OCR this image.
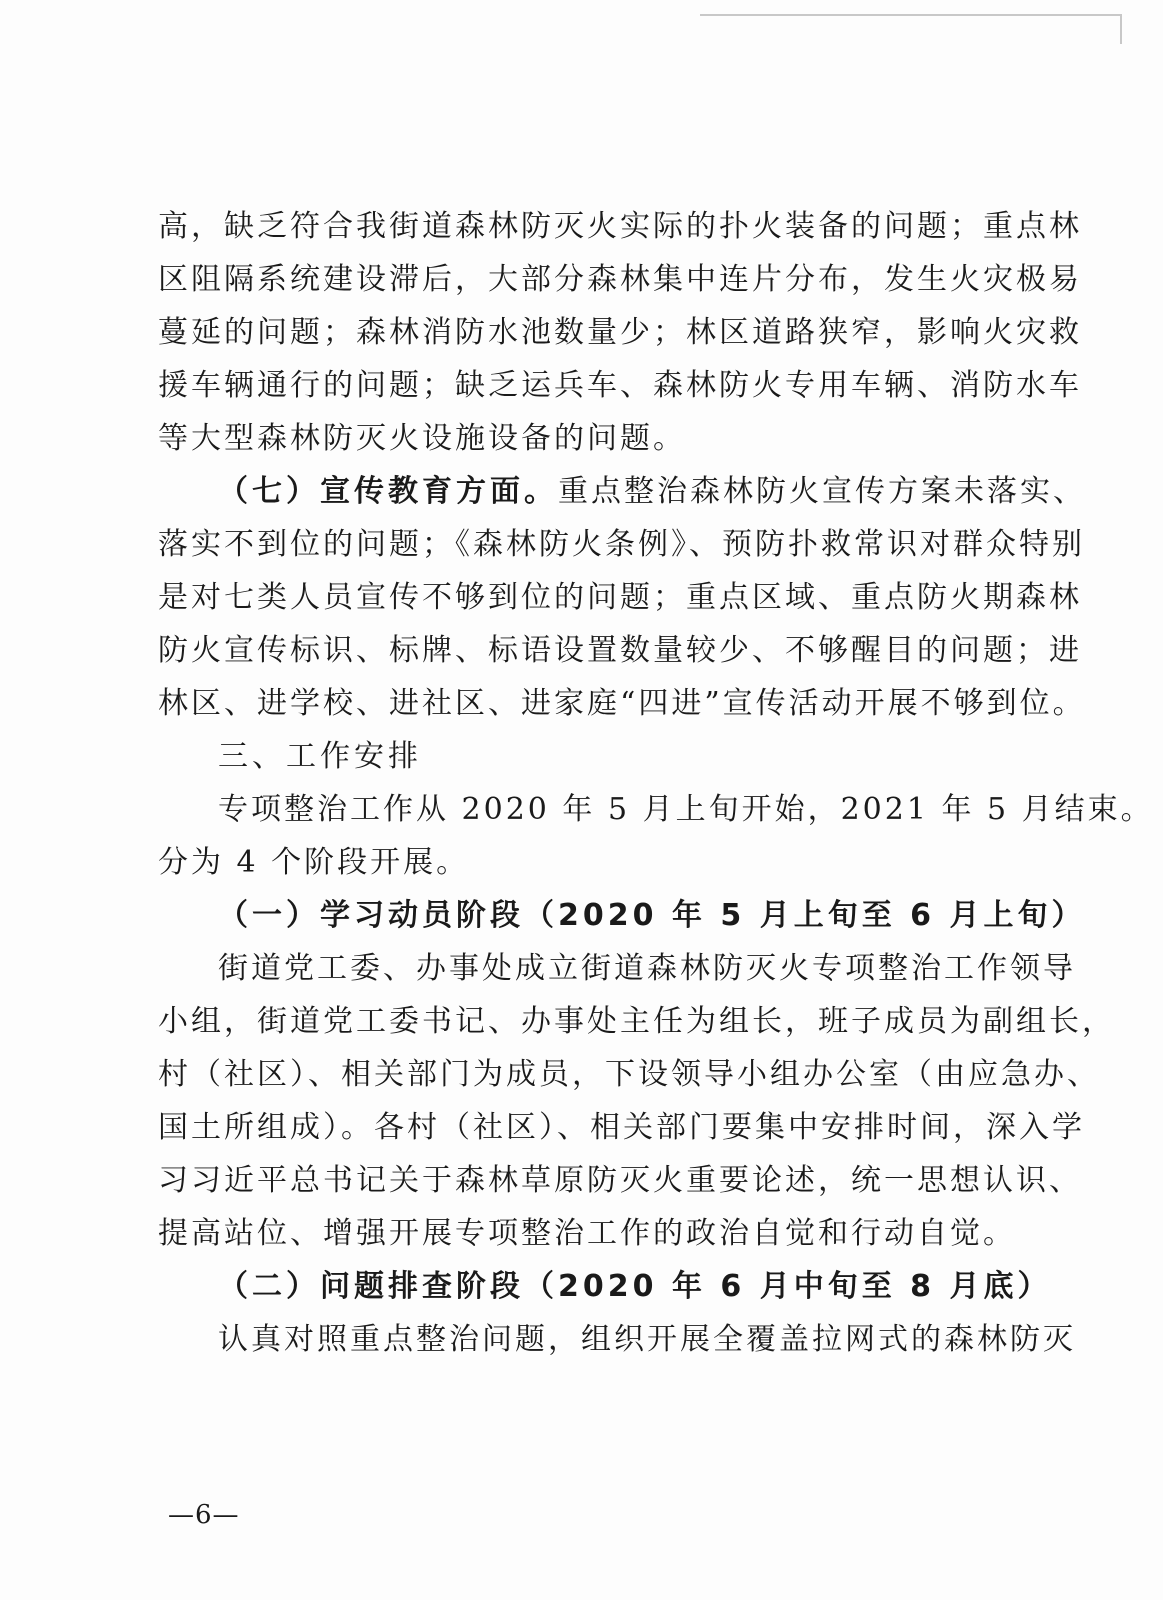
高，缺乏符合我街道森林防灭火实际的扑火装备的问题；重点林
区阻隔系统建设滞后，大部分森林集中连片分布，发生火灾极易
蔓延的问题；森林消防水池数量少；林区道路狭窄，影响火灾救
援车辆通行的问题；缺乏运兵车、森林防火专用车辆、消防水车
等大型森林防灭火设施设备的问题。
（七）宣传教育方面。重点整治森林防火宣传方案未落实、
落实不到位的问题；《森林防火条例》、预防扑救常识对群众特别
是对七类人员宣传不够到位的问题；重点区域、重点防火期森林
防火宣传标识、标牌、标语设置数量较少、不够醒目的问题；进
林区、进学校、进社区、进家庭“四进”宣传活动开展不够到位。
三、工作安排
专项整治工作从 2020 年 5 月上旬开始，2021 年 5 月结束。
分为 4 个阶段开展。
（一）学习动员阶段（2020 年 5 月上旬至 6 月上旬）
街道党工委、办事处成立街道森林防灭火专项整治工作领导
小组，街道党工委书记、办事处主任为组长，班子成员为副组长，
村（社区）、相关部门为成员，下设领导小组办公室（由应急办、
国土所组成）。各村（社区）、相关部门要集中安排时间，深入学
习习近平总书记关于森林草原防灭火重要论述，统一思想认识、
提高站位、增强开展专项整治工作的政治自觉和行动自觉。
（二）问题排查阶段（2020 年 6 月中旬至 8 月底）
认真对照重点整治问题，组织开展全覆盖拉网式的森林防灭
—6—
